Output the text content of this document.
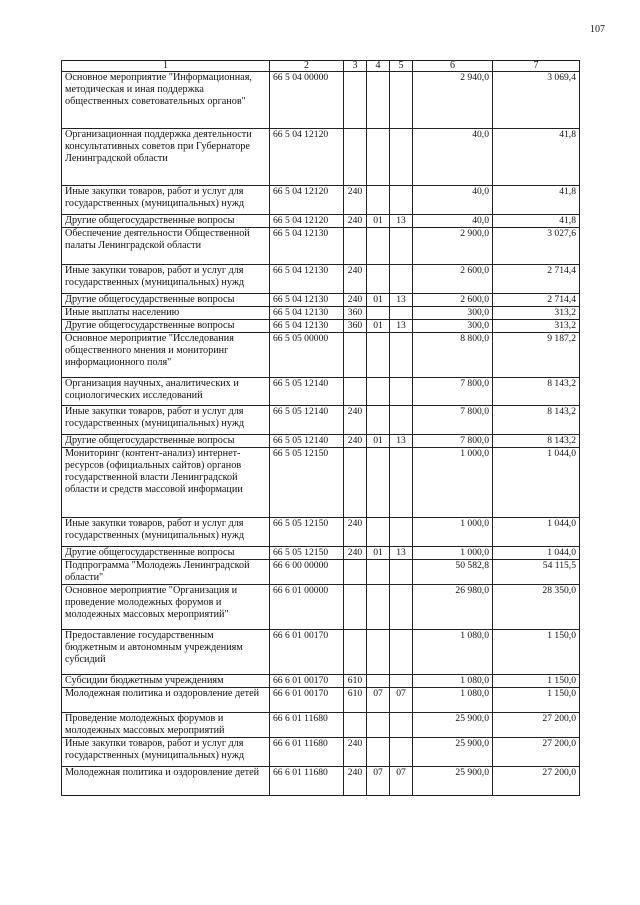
107
1	2	3	4	5	6	7
Основное мероприятие "Информационная, методическая и иная поддержка общественных советовательных органов"	66 5 04 00000				2 940,0	3 069,4
Организационная поддержка деятельности консультативных советов при Губернаторе Ленинградской области	66 5 04 12120				40,0	41,8
Иные закупки товаров, работ и услуг для государственных (муниципальных) нужд	66 5 04 12120	240			40,0	41,8
Другие общегосударственные вопросы	66 5 04 12120	240	01	13	40,0	41,8
Обеспечение деятельности Общественной палаты Ленинградской области	66 5 04 12130				2 900,0	3 027,6
Иные закупки товаров, работ и услуг для государственных (муниципальных) нужд	66 5 04 12130	240			2 600,0	2 714,4
Другие общегосударственные вопросы	66 5 04 12130	240	01	13	2 600,0	2 714,4
Иные выплаты населению	66 5 04 12130	360			300,0	313,2
Другие общегосударственные вопросы	66 5 04 12130	360	01	13	300,0	313,2
Основное мероприятие "Исследования общественного мнения и мониторинг информационного поля"	66 5 05 00000				8 800,0	9 187,2
Организация научных, аналитических и социологических исследований	66 5 05 12140				7 800,0	8 143,2
Иные закупки товаров, работ и услуг для государственных (муниципальных) нужд	66 5 05 12140	240			7 800,0	8 143,2
Другие общегосударственные вопросы	66 5 05 12140	240	01	13	7 800,0	8 143,2
Мониторинг (контент-анализ) интернет-ресурсов (официальных сайтов) органов государственной власти Ленинградской области и средств массовой информации	66 5 05 12150				1 000,0	1 044,0
Иные закупки товаров, работ и услуг для государственных (муниципальных) нужд	66 5 05 12150	240			1 000,0	1 044,0
Другие общегосударственные вопросы	66 5 05 12150	240	01	13	1 000,0	1 044,0
Подпрограмма "Молодежь Ленинградской области"	66 6 00 00000				50 582,8	54 115,5
Основное мероприятие "Организация и проведение молодежных форумов и молодежных массовых мероприятий"	66 6 01 00000				26 980,0	28 350,0
Предоставление государственным бюджетным и автономным учреждениям субсидий	66 6 01 00170				1 080,0	1 150,0
Субсидии бюджетным учреждениям	66 6 01 00170	610			1 080,0	1 150,0
Молодежная политика и оздоровление детей	66 6 01 00170	610	07	07	1 080,0	1 150,0
Проведение молодежных форумов и молодежных массовых мероприятий	66 6 01 11680				25 900,0	27 200,0
Иные закупки товаров, работ и услуг для государственных (муниципальных) нужд	66 6 01 11680	240			25 900,0	27 200,0
Молодежная политика и оздоровление детей	66 6 01 11680	240	07	07	25 900,0	27 200,0
